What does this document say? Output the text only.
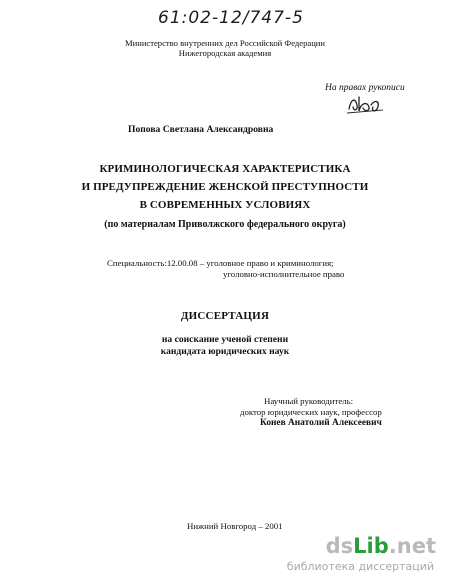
61:02-12/747-5
Министерство внутренних дел Российской Федерации
Нижегородская академия
На правах рукописи
Попова Светлана Александровна
КРИМИНОЛОГИЧЕСКАЯ ХАРАКТЕРИСТИКА
И ПРЕДУПРЕЖДЕНИЕ ЖЕНСКОЙ ПРЕСТУПНОСТИ
В СОВРЕМЕННЫХ УСЛОВИЯХ
(по материалам Приволжского федерального округа)
Специальность:12.00.08 – уголовное право и криминология;
уголовно-исполнительное право
ДИССЕРТАЦИЯ
на соискание ученой степени
кандидата юридических наук
Научный руководитель:
доктор юридических наук, профессор
Конев Анатолий Алексеевич
Нижний Новгород – 2001
dsLib.net
библиотека диссертаций
